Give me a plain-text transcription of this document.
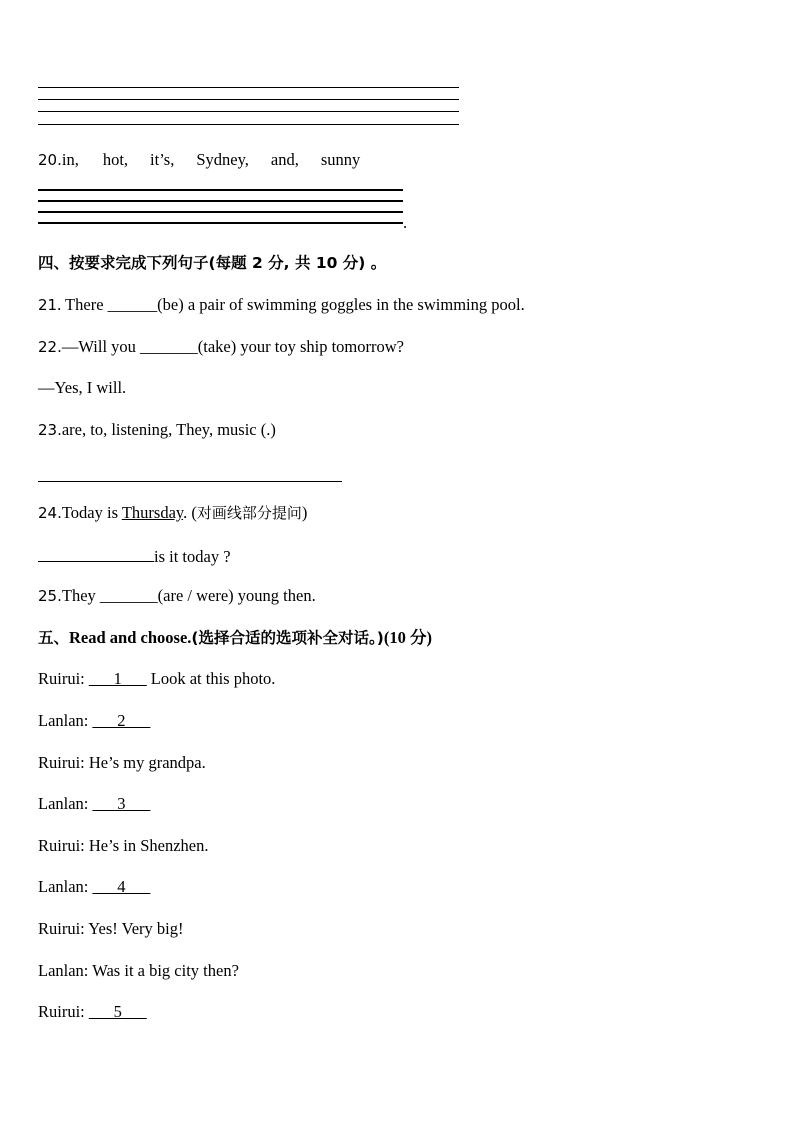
20.in, hot, it’s, Sydney, and, sunny
.
四、按要求完成下列句子(每题 2 分, 共 10 分) 。
21. There ______(be) a pair of swimming goggles in the swimming pool.
22.—Will you _______(take) your toy ship tomorrow?
—Yes, I will.
23.are, to, listening, They, music (.)
24.Today is Thursday. (对画线部分提问)
is it today ?
25.They _______(are / were) young then.
五、Read and choose.(选择合适的选项补全对话。)(10 分)
Ruirui: ___1___ Look at this photo.
Lanlan: ___2___
Ruirui: He’s my grandpa.
Lanlan: ___3___
Ruirui: He’s in Shenzhen.
Lanlan: ___4___
Ruirui: Yes! Very big!
Lanlan: Was it a big city then?
Ruirui: ___5___
